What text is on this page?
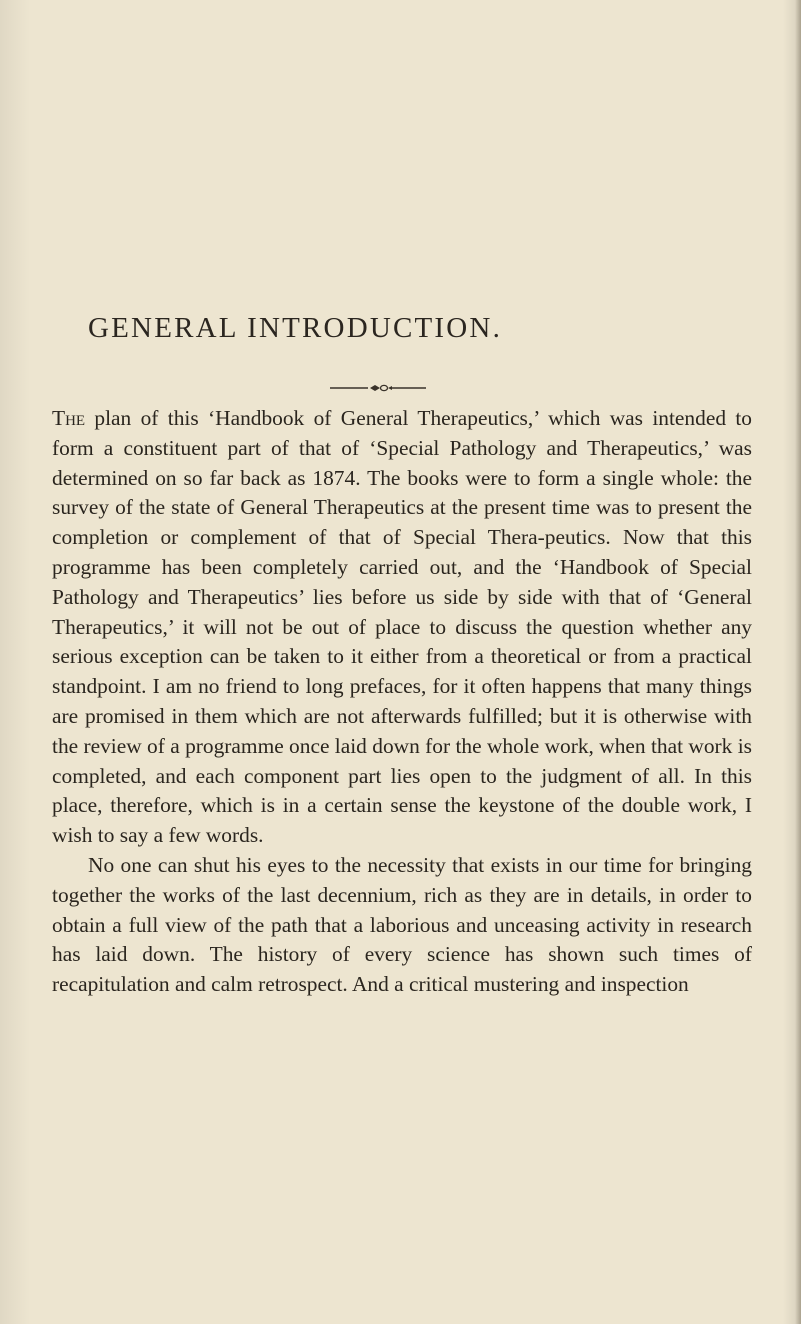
GENERAL INTRODUCTION.

The plan of this ‘Handbook of General Therapeutics,’ which was intended to form a constituent part of that of ‘Special Pathology and Therapeutics,’ was determined on so far back as 1874. The books were to form a single whole: the survey of the state of General Therapeutics at the present time was to present the completion or complement of that of Special Thera-peutics. Now that this programme has been completely carried out, and the ‘Handbook of Special Pathology and Therapeutics’ lies before us side by side with that of ‘General Therapeutics,’ it will not be out of place to discuss the question whether any serious exception can be taken to it either from a theoretical or from a practical standpoint. I am no friend to long prefaces, for it often happens that many things are promised in them which are not afterwards fulfilled; but it is otherwise with the review of a programme once laid down for the whole work, when that work is completed, and each component part lies open to the judgment of all. In this place, therefore, which is in a certain sense the keystone of the double work, I wish to say a few words.

No one can shut his eyes to the necessity that exists in our time for bringing together the works of the last decennium, rich as they are in details, in order to obtain a full view of the path that a laborious and unceasing activity in research has laid down. The history of every science has shown such times of recapitulation and calm retrospect. And a critical mustering and inspection
